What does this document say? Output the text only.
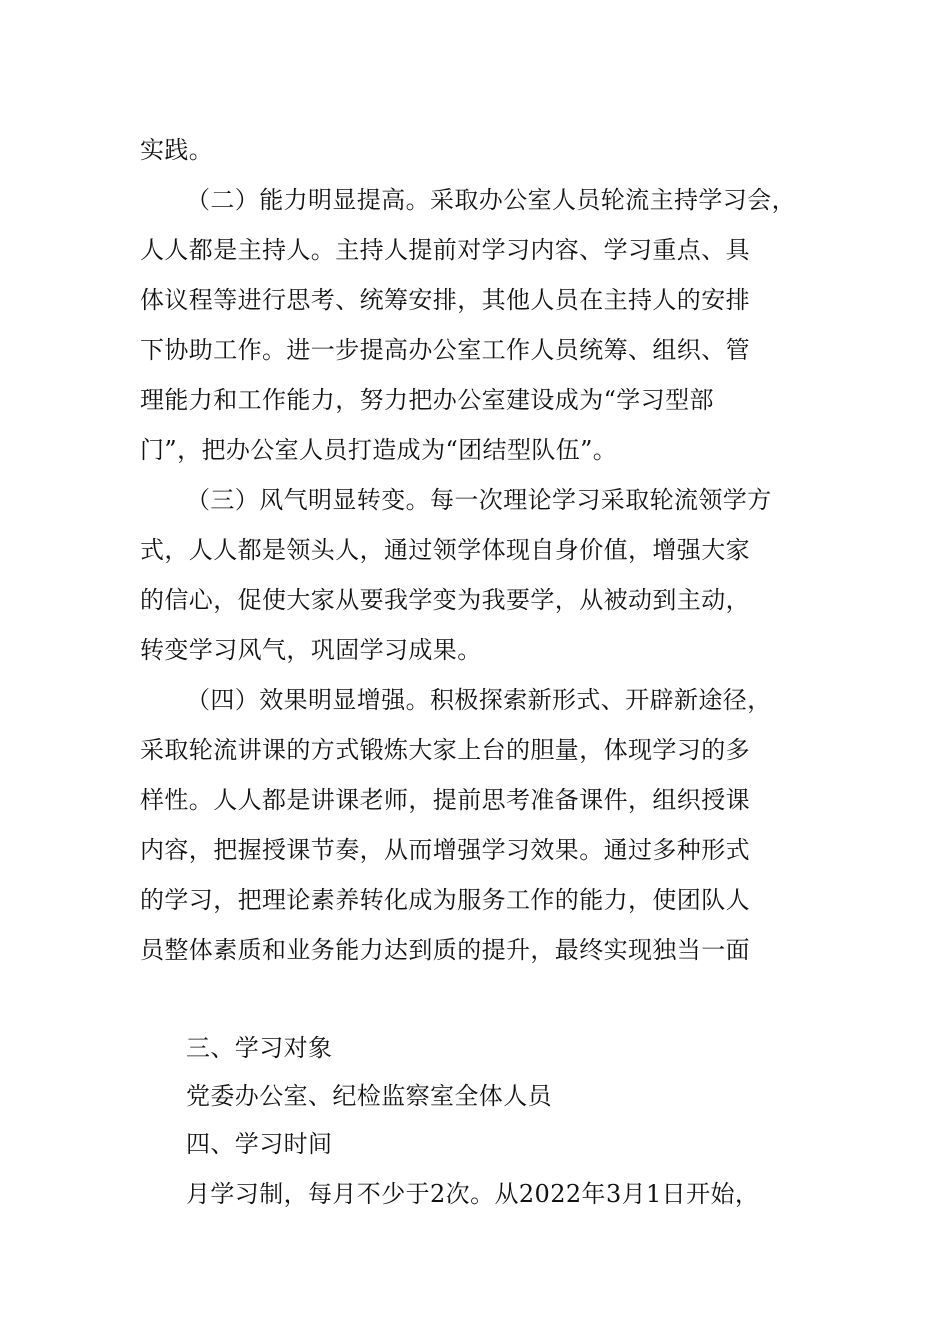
实践。
（二）能力明显提高。采取办公室人员轮流主持学习会，
人人都是主持人。主持人提前对学习内容、学习重点、具
体议程等进行思考、统筹安排，其他人员在主持人的安排
下协助工作。进一步提高办公室工作人员统筹、组织、管
理能力和工作能力，努力把办公室建设成为“学习型部
门”，把办公室人员打造成为“团结型队伍”。
（三）风气明显转变。每一次理论学习采取轮流领学方
式，人人都是领头人，通过领学体现自身价值，增强大家
的信心，促使大家从要我学变为我要学，从被动到主动，
转变学习风气，巩固学习成果。
（四）效果明显增强。积极探索新形式、开辟新途径，
采取轮流讲课的方式锻炼大家上台的胆量，体现学习的多
样性。人人都是讲课老师，提前思考准备课件，组织授课
内容，把握授课节奏，从而增强学习效果。通过多种形式
的学习，把理论素养转化成为服务工作的能力，使团队人
员整体素质和业务能力达到质的提升，最终实现独当一面
三、学习对象
党委办公室、纪检监察室全体人员
四、学习时间
月学习制，每月不少于2次。从2022年3月1日开始，
